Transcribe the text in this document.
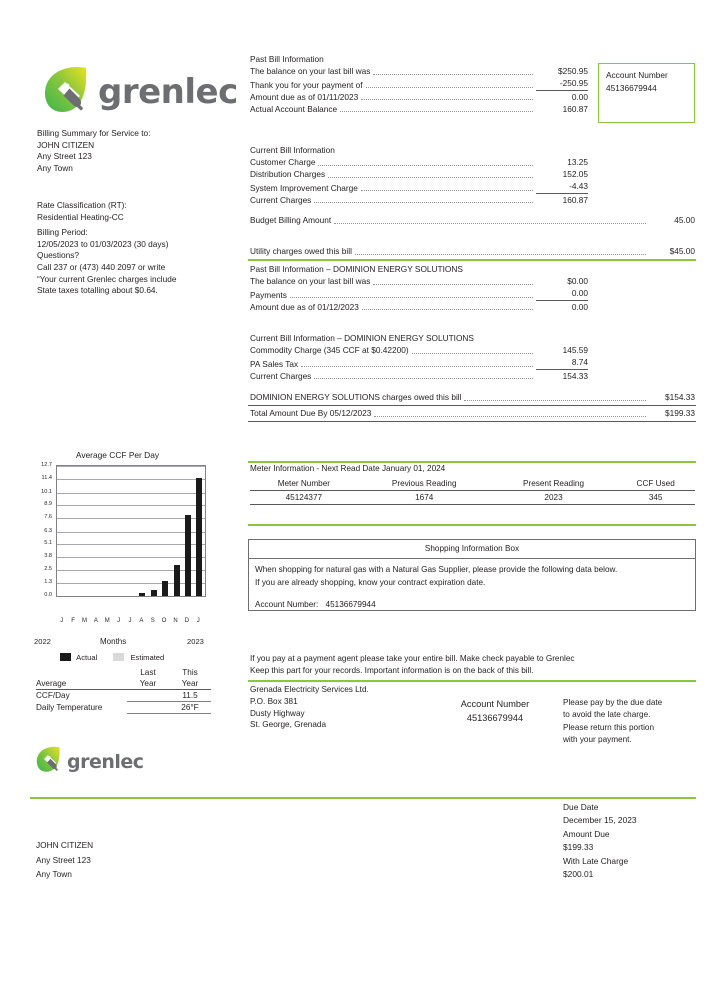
grenlec
Billing Summary for Service to:
JOHN CITIZEN
Any Street 123
Any Town
Rate Classification (RT):
Residential Heating-CC
Billing Period:
12/05/2023 to 01/03/2023 (30 days)
Questions?
Call 237 or (473) 440 2097 or write
“Your current Grenlec charges include
State taxes totalling about $0.64.
Account Number
45136679944
Past Bill Information
The balance on your last bill was	$250.95
Thank you for your payment of	-250.95
Amount due as of 01/11/2023	0.00
Actual Account Balance	160.87
Current Bill Information
Customer Charge	13.25
Distribution Charges	152.05
System Improvement Charge	-4.43
Current Charges	160.87
Budget Billing Amount	45.00
Utility charges owed this bill	$45.00
Past Bill Information – DOMINION ENERGY SOLUTIONS
The balance on your last bill was	$0.00
Payments	0.00
Amount due as of 01/12/2023	0.00
Current Bill Information – DOMINION ENERGY SOLUTIONS
Commodity Charge (345 CCF at $0.42200)	145.59
PA Sales Tax	8.74
Current Charges	154.33
DOMINION ENERGY SOLUTIONS charges owed this bill	$154.33
Total Amount Due By 05/12/2023	$199.33
Average CCF Per Day
0.0
1.3
2.5
3.8
5.1
6.3
7.6
8.9
10.1
11.4
12.7
J F M A M J J A S O N D J
2022	Months	2023
Actual	Estimated
	Last	This
Average	Year	Year
CCF/Day		11.5
Daily Temperature		26°F
Meter Information - Next Read Date January 01, 2024
Meter Number	Previous Reading	Present Reading	CCF Used
45124377	1674	2023	345
Shopping Information Box
When shopping for natural gas with a Natural Gas Supplier, please provide the following data below.
If you are already shopping, know your contract expiration date.
Account Number: 45136679944
If you pay at a payment agent please take your entire bill. Make check payable to Grenlec
Keep this part for your records. Important information is on the back of this bill.
Grenada Electricity Services Ltd.
P.O. Box 381
Dusty Highway
St. George, Grenada
Account Number
45136679944
Please pay by the due date
to avoid the late charge.
Please return this portion
with your payment.
grenlec
Due Date
December 15, 2023
Amount Due
$199.33
With Late Charge
$200.01
JOHN CITIZEN
Any Street 123
Any Town
